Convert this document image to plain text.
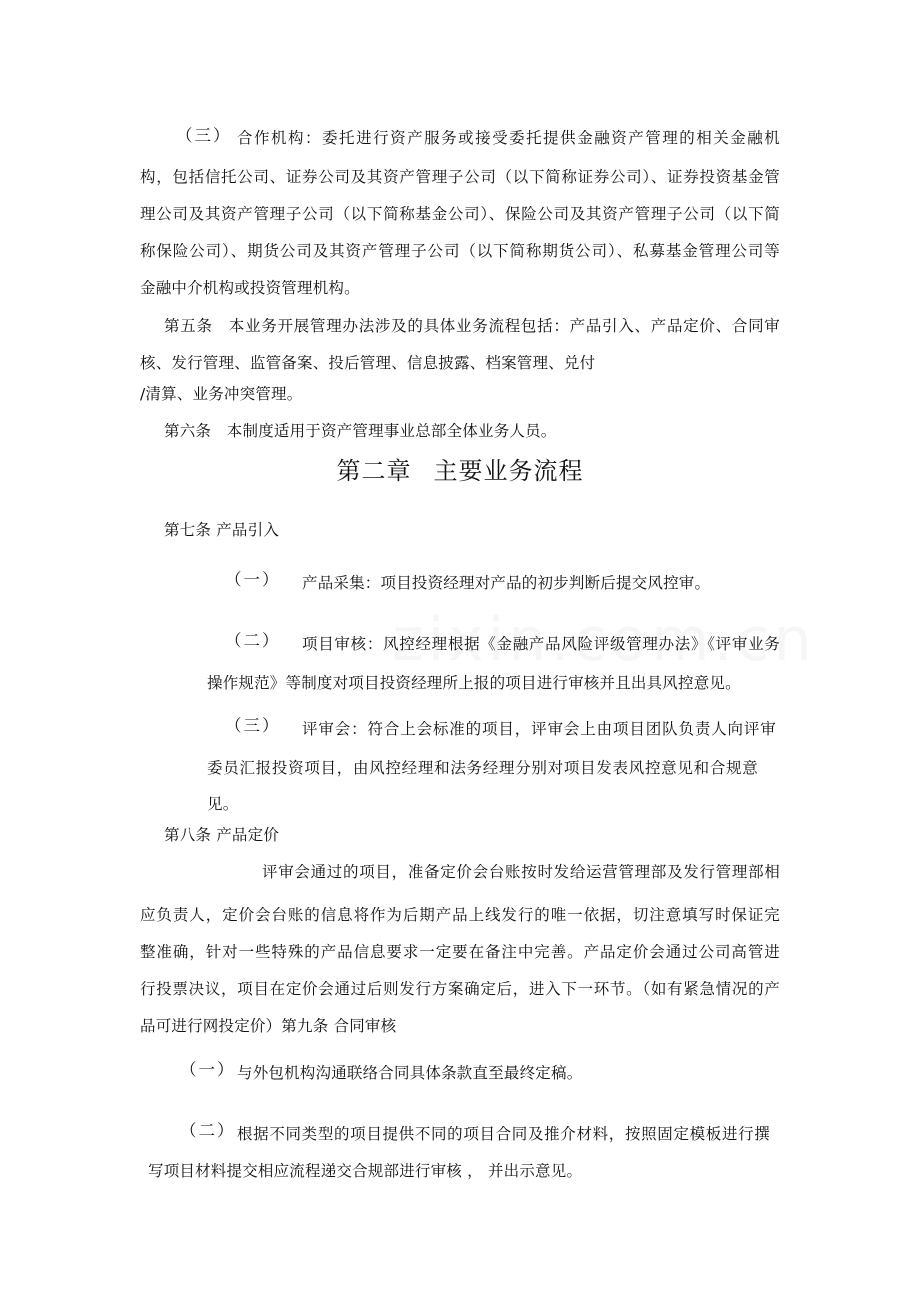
（三） 合作机构：委托进行资产服务或接受委托提供金融资产管理的相关金融机
构，包括信托公司、证券公司及其资产管理子公司（以下简称证券公司）、证券投资基金管
理公司及其资产管理子公司（以下简称基金公司）、保险公司及其资产管理子公司（以下简
称保险公司）、期货公司及其资产管理子公司（以下简称期货公司）、私募基金管理公司等
金融中介机构或投资管理机构。
第五条　本业务开展管理办法涉及的具体业务流程包括：产品引入、产品定价、合同审
核、发行管理、监管备案、投后管理、信息披露、档案管理、兑付
/清算、业务冲突管理。
第六条　本制度适用于资产管理事业总部全体业务人员。
第二章 主要业务流程
第七条 产品引入
（一） 产品采集：项目投资经理对产品的初步判断后提交风控审。
（二） 项目审核：风控经理根据《金融产品风险评级管理办法》《评审业务
操作规范》等制度对项目投资经理所上报的项目进行审核并且出具风控意见。
（三） 评审会：符合上会标准的项目，评审会上由项目团队负责人向评审
委员汇报投资项目，由风控经理和法务经理分别对项目发表风控意见和合规意
见。
第八条 产品定价
评审会通过的项目，准备定价会台账按时发给运营管理部及发行管理部相
应负责人，定价会台账的信息将作为后期产品上线发行的唯一依据，切注意填写时保证完
整准确，针对一些特殊的产品信息要求一定要在备注中完善。产品定价会通过公司高管进
行投票决议，项目在定价会通过后则发行方案确定后，进入下一环节。（如有紧急情况的产
品可进行网投定价）第九条 合同审核
（一） 与外包机构沟通联络合同具体条款直至最终定稿。
（二） 根据不同类型的项目提供不同的项目合同及推介材料，按照固定模板进行撰
写项目材料提交相应流程递交合规部进行审核 ， 并出示意见。
